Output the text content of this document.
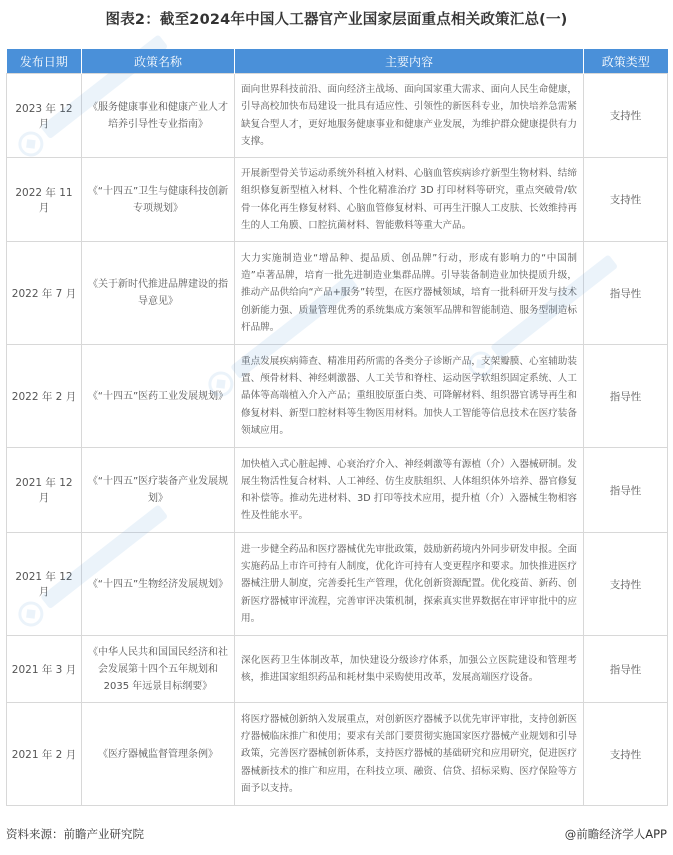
图表2：截至2024年中国人工器官产业国家层面重点相关政策汇总(一)
发布日期	政策名称	主要内容	政策类型
2023 年 12 月	《服务健康事业和健康产业人才培养引导性专业指南》	面向世界科技前沿、面向经济主战场、面向国家重大需求、面向人民生命健康，引导高校加快布局建设一批具有适应性、引领性的新医科专业，加快培养急需紧缺复合型人才，更好地服务健康事业和健康产业发展，为维护群众健康提供有力支撑。	支持性
2022 年 11 月	《“十四五”卫生与健康科技创新专项规划》	开展新型骨关节运动系统外科植入材料、心脑血管疾病诊疗新型生物材料、结缔组织修复新型植入材料、个性化精准治疗 3D 打印材料等研究，重点突破骨/软骨一体化再生修复材料、心脑血管修复材料、可再生汗腺人工皮肤、长效维持再生的人工角膜、口腔抗菌材料、智能敷料等重大产品。	支持性
2022 年 7 月	《关于新时代推进品牌建设的指导意见》	大力实施制造业“增品种、提品质、创品牌”行动，形成有影响力的“中国制造”卓著品牌，培育一批先进制造业集群品牌。引导装备制造业加快提质升级，推动产品供给向“产品+服务”转型，在医疗器械领域，培育一批科研开发与技术创新能力强、质量管理优秀的系统集成方案领军品牌和智能制造、服务型制造标杆品牌。	指导性
2022 年 2 月	《“十四五”医药工业发展规划》	重点发展疾病筛查、精准用药所需的各类分子诊断产品，支架瓣膜、心室辅助装置、颅骨材料、神经刺激器、人工关节和脊柱、运动医学软组织固定系统、人工晶体等高端植入介入产品；重组胶原蛋白类、可降解材料、组织器官诱导再生和修复材料、新型口腔材料等生物医用材料。加快人工智能等信息技术在医疗装备领域应用。	指导性
2021 年 12 月	《“十四五”医疗装备产业发展规划》	加快植入式心脏起搏、心衰治疗介入、神经刺激等有源植（介）入器械研制。发展生物活性复合材料、人工神经、仿生皮肤组织、人体组织体外培养、器官修复和补偿等。推动先进材料、3D 打印等技术应用，提升植（介）入器械生物相容性及性能水平。	指导性
2021 年 12 月	《“十四五”生物经济发展规划》	进一步健全药品和医疗器械优先审批政策，鼓励新药境内外同步研发申报。全面实施药品上市许可持有人制度，优化许可持有人变更程序和要求。加快推进医疗器械注册人制度，完善委托生产管理，优化创新资源配置。优化疫苗、新药、创新医疗器械审评流程，完善审评决策机制，探索真实世界数据在审评审批中的应用。	支持性
2021 年 3 月	《中华人民共和国国民经济和社会发展第十四个五年规划和 2035 年远景目标纲要》	深化医药卫生体制改革，加快建设分级诊疗体系，加强公立医院建设和管理考核，推进国家组织药品和耗材集中采购使用改革，发展高端医疗设备。	指导性
2021 年 2 月	《医疗器械监督管理条例》	将医疗器械创新纳入发展重点，对创新医疗器械予以优先审评审批，支持创新医疗器械临床推广和使用；要求有关部门要贯彻实施国家医疗器械产业规划和引导政策，完善医疗器械创新体系，支持医疗器械的基础研究和应用研究，促进医疗器械新技术的推广和应用，在科技立项、融资、信贷、招标采购、医疗保险等方面予以支持。	支持性
资料来源：前瞻产业研究院	@前瞻经济学人APP
